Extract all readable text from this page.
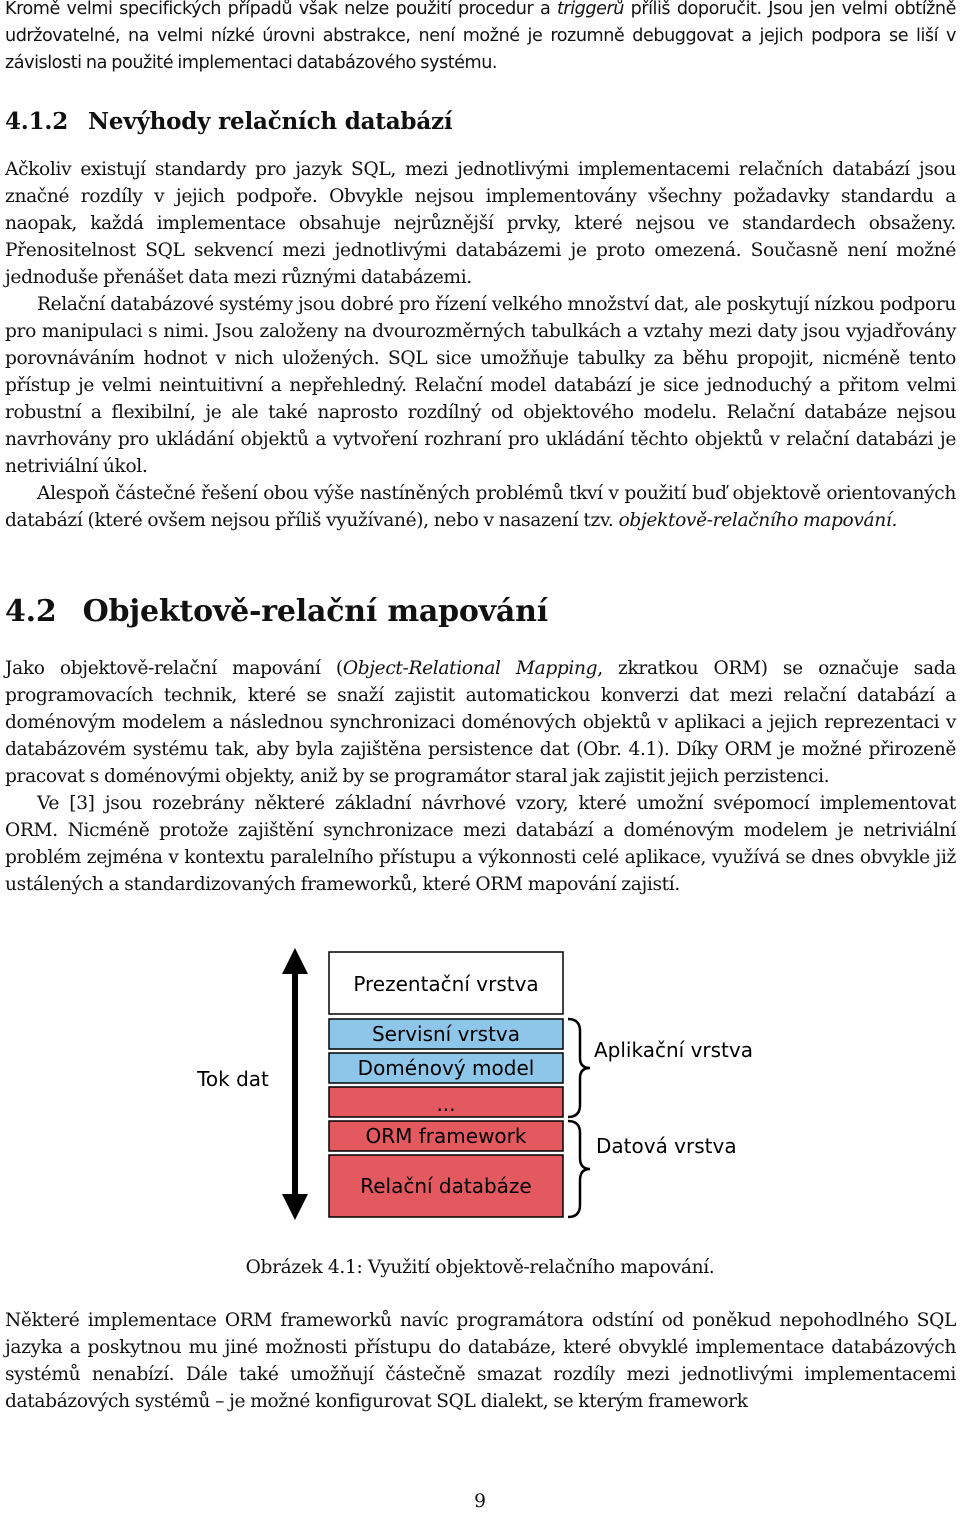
Kromě velmi specifických případů však nelze použití procedur a triggerů příliš doporučit. Jsou jen velmi obtížně udržovatelné, na velmi nízké úrovni abstrakce, není možné je rozumně debuggovat a jejich podpora se liší v závislosti na použité implementaci databázového systému.

4.1.2 Nevýhody relačních databází

Ačkoliv existují standardy pro jazyk SQL, mezi jednotlivými implementacemi relačních databází jsou značné rozdíly v jejich podpoře. Obvykle nejsou implementovány všechny požadavky standardu a naopak, každá implementace obsahuje nejrůznější prvky, které nejsou ve standardech obsaženy. Přenositelnost SQL sekvencí mezi jednotlivými databázemi je proto omezená. Současně není možné jednoduše přenášet data mezi různými databázemi.

Relační databázové systémy jsou dobré pro řízení velkého množství dat, ale poskytují nízkou podporu pro manipulaci s nimi. Jsou založeny na dvourozměrných tabulkách a vztahy mezi daty jsou vyjadřovány porovnáváním hodnot v nich uložených. SQL sice umožňuje tabulky za běhu propojit, nicméně tento přístup je velmi neintuitivní a nepřehledný. Relační model databází je sice jednoduchý a přitom velmi robustní a flexibilní, je ale také naprosto rozdílný od objektového modelu. Relační databáze nejsou navrhovány pro ukládání objektů a vytvoření rozhraní pro ukládání těchto objektů v relační databázi je netriviální úkol.

Alespoň částečné řešení obou výše nastíněných problémů tkví v použití buď objektově orientovaných databází (které ovšem nejsou příliš využívané), nebo v nasazení tzv. objektově-relačního mapování.

4.2 Objektově-relační mapování

Jako objektově-relační mapování (Object-Relational Mapping, zkratkou ORM) se označuje sada programovacích technik, které se snaží zajistit automatickou konverzi dat mezi relační databází a doménovým modelem a následnou synchronizaci doménových objektů v aplikaci a jejich reprezentaci v databázovém systému tak, aby byla zajištěna persistence dat (Obr. 4.1). Díky ORM je možné přirozeně pracovat s doménovými objekty, aniž by se programátor staral jak zajistit jejich perzistenci.

Ve [3] jsou rozebrány některé základní návrhové vzory, které umožní svépomocí implementovat ORM. Nicméně protože zajištění synchronizace mezi databází a doménovým modelem je netriviální problém zejména v kontextu paralelního přístupu a výkonnosti celé aplikace, využívá se dnes obvykle již ustálených a standardizovaných frameworků, které ORM mapování zajistí.

Tok dat
Prezentační vrstva
Servisní vrstva
Doménový model
...
ORM framework
Relační databáze
Aplikační vrstva
Datová vrstva
Obrázek 4.1: Využití objektově-relačního mapování.

Některé implementace ORM frameworků navíc programátora odstíní od poněkud nepohodlného SQL jazyka a poskytnou mu jiné možnosti přístupu do databáze, které obvyklé implementace databázových systémů nenabízí. Dále také umožňují částečně smazat rozdíly mezi jednotlivými implementacemi databázových systémů – je možné konfigurovat SQL dialekt, se kterým framework

9
